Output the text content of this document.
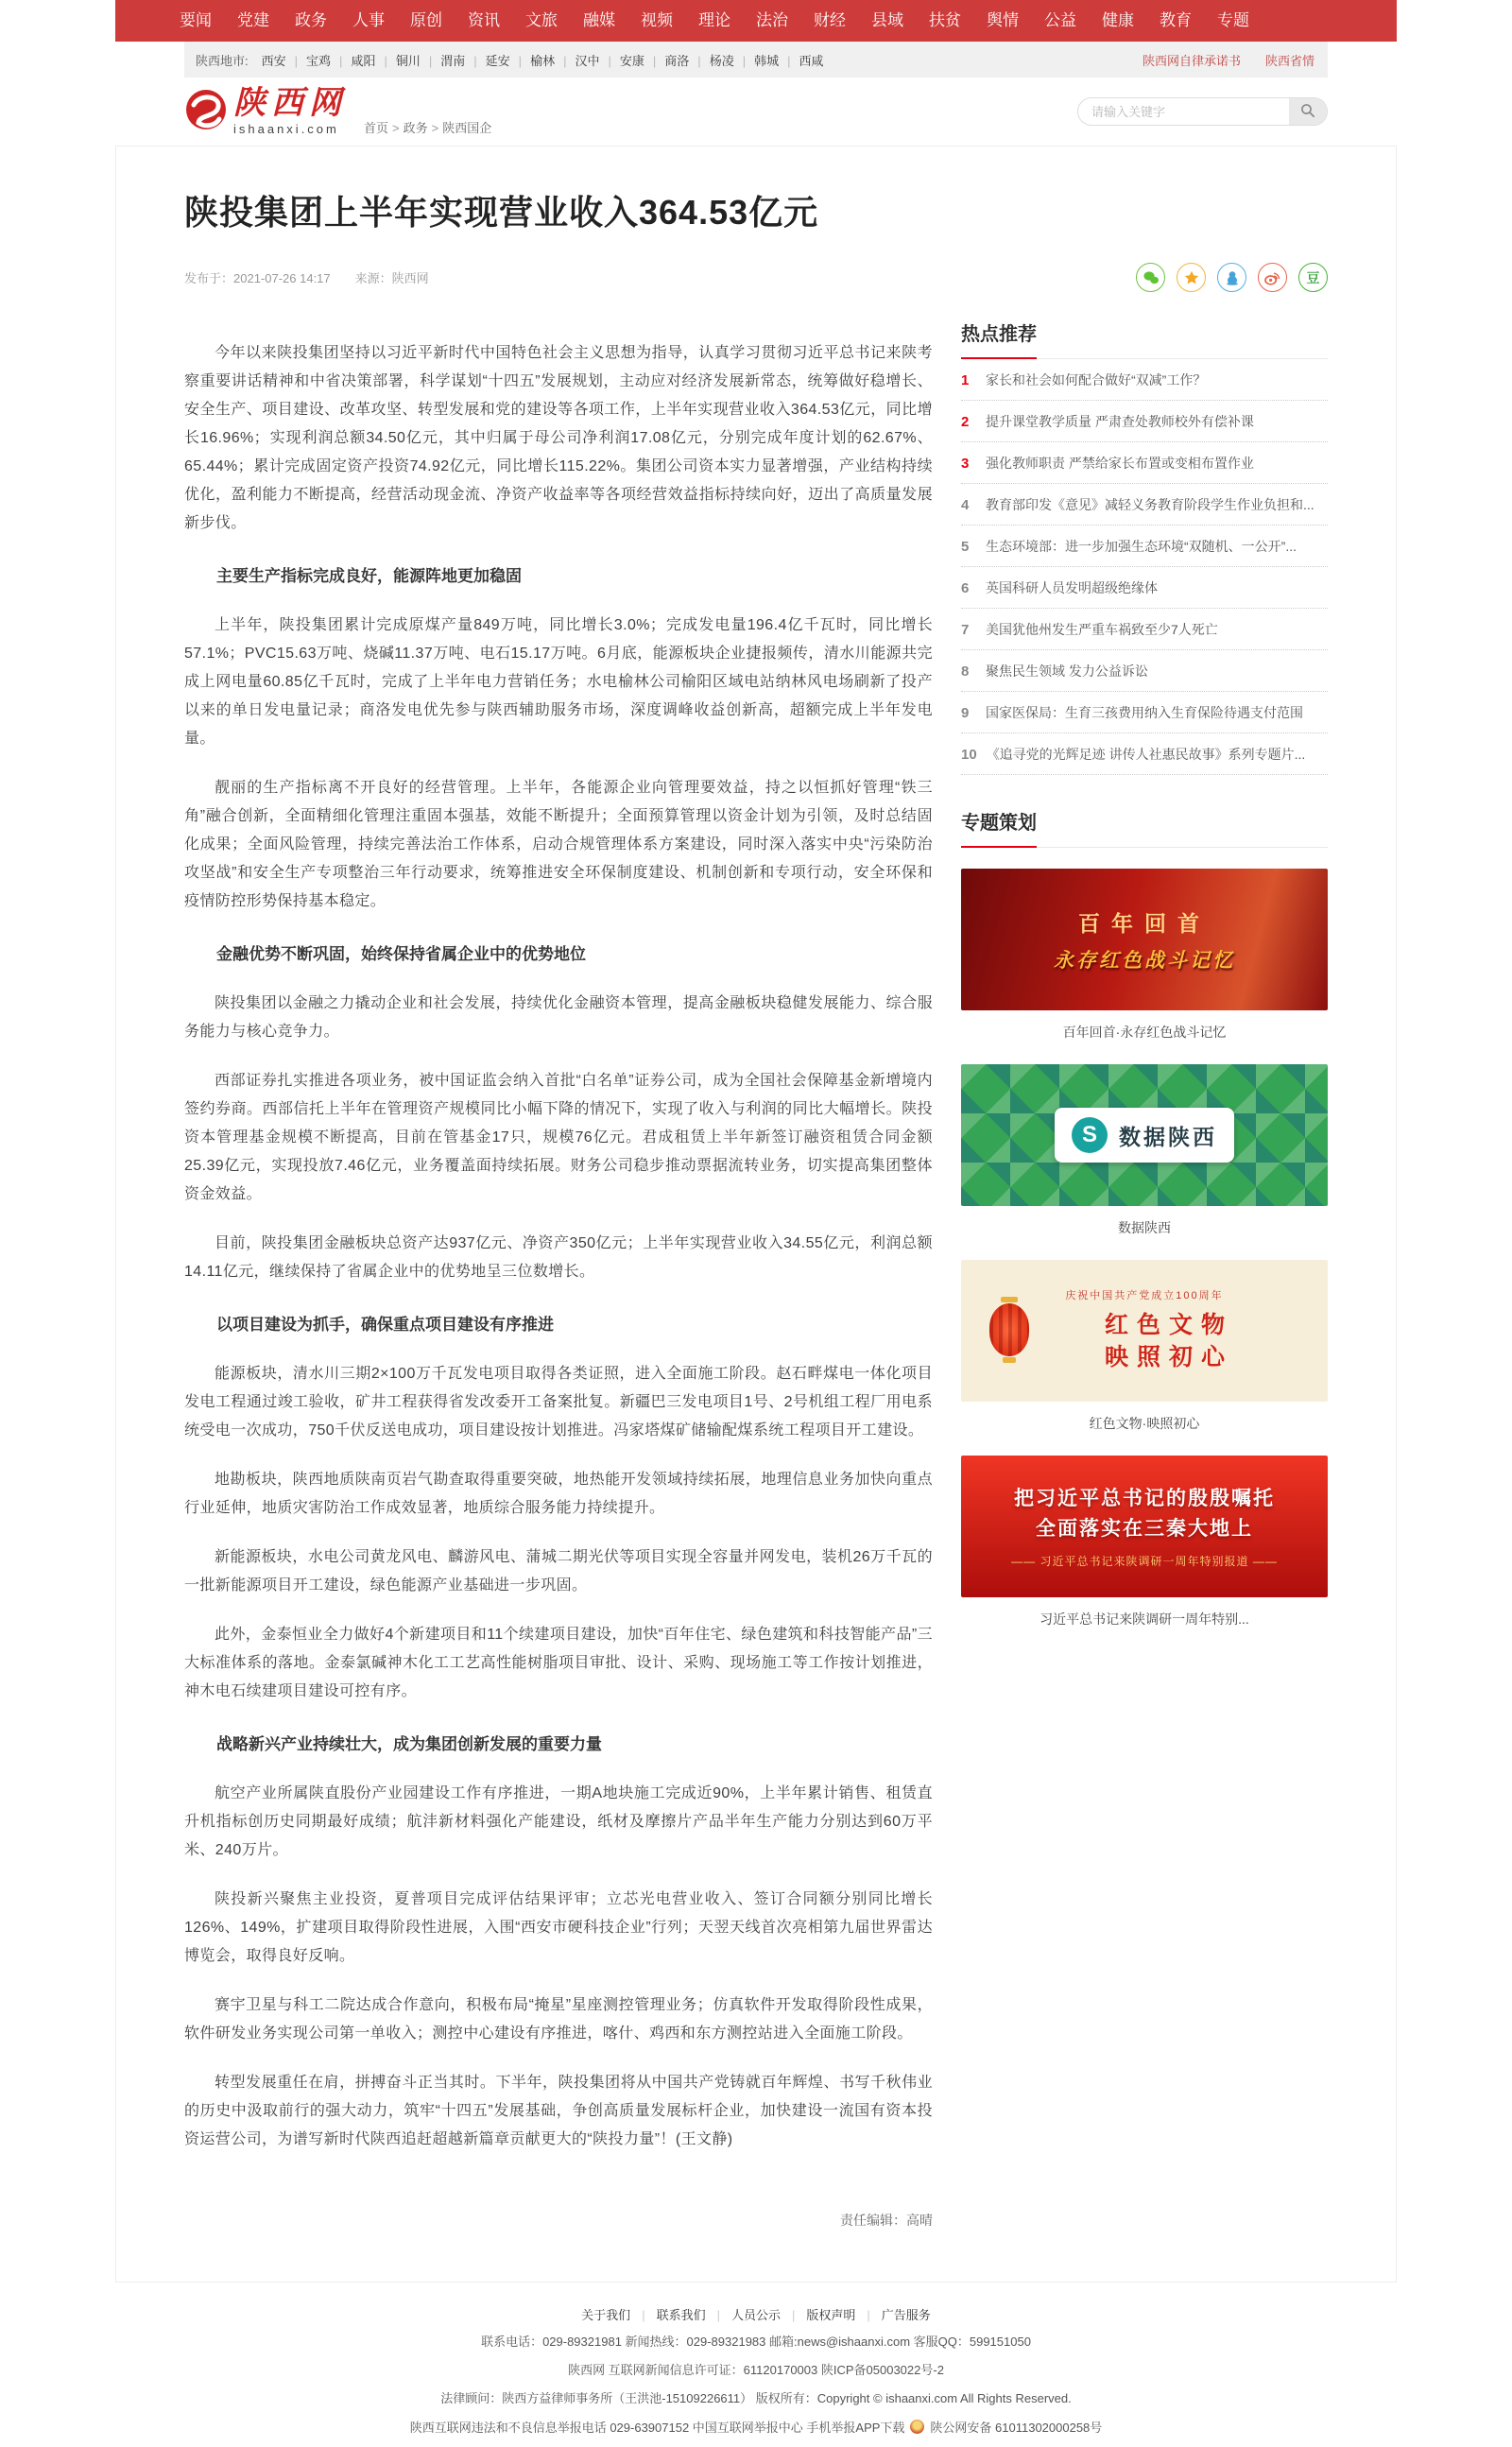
要闻	党建	政务	人事	原创	资讯	文旅	融媒	视频	理论	法治	财经	县域	扶贫	舆情	公益	健康	教育	专题
陕西地市:	西安 | 宝鸡 | 咸阳 | 铜川 | 渭南 | 延安 | 榆林 | 汉中 | 安康 | 商洛 | 杨凌 | 韩城 | 西咸	陕西网自律承诺书 陕西省情
陕西网
ishaanxi.com	首页 > 政务 > 陕西国企
请输入关键字
陕投集团上半年实现营业收入364.53亿元
发布于：2021-07-26 14:17 来源：陕西网	豆

今年以来陕投集团坚持以习近平新时代中国特色社会主义思想为指导，认真学习贯彻习近平总书记来陕考察重要讲话精神和中省决策部署，科学谋划“十四五”发展规划，主动应对经济发展新常态，统筹做好稳增长、安全生产、项目建设、改革攻坚、转型发展和党的建设等各项工作，上半年实现营业收入364.53亿元，同比增长16.96%；实现利润总额34.50亿元，其中归属于母公司净利润17.08亿元，分别完成年度计划的62.67%、65.44%；累计完成固定资产投资74.92亿元，同比增长115.22%。集团公司资本实力显著增强，产业结构持续优化，盈利能力不断提高，经营活动现金流、净资产收益率等各项经营效益指标持续向好，迈出了高质量发展新步伐。

主要生产指标完成良好，能源阵地更加稳固

上半年，陕投集团累计完成原煤产量849万吨，同比增长3.0%；完成发电量196.4亿千瓦时，同比增长57.1%；PVC15.63万吨、烧碱11.37万吨、电石15.17万吨。6月底，能源板块企业捷报频传，清水川能源共完成上网电量60.85亿千瓦时，完成了上半年电力营销任务；水电榆林公司榆阳区域电站纳林风电场刷新了投产以来的单日发电量记录；商洛发电优先参与陕西辅助服务市场，深度调峰收益创新高，超额完成上半年发电量。

靓丽的生产指标离不开良好的经营管理。上半年，各能源企业向管理要效益，持之以恒抓好管理“铁三角”融合创新，全面精细化管理注重固本强基，效能不断提升；全面预算管理以资金计划为引领，及时总结固化成果；全面风险管理，持续完善法治工作体系，启动合规管理体系方案建设，同时深入落实中央“污染防治攻坚战”和安全生产专项整治三年行动要求，统筹推进安全环保制度建设、机制创新和专项行动，安全环保和疫情防控形势保持基本稳定。

金融优势不断巩固，始终保持省属企业中的优势地位

陕投集团以金融之力撬动企业和社会发展，持续优化金融资本管理，提高金融板块稳健发展能力、综合服务能力与核心竞争力。

西部证券扎实推进各项业务，被中国证监会纳入首批“白名单”证券公司，成为全国社会保障基金新增境内签约券商。西部信托上半年在管理资产规模同比小幅下降的情况下，实现了收入与利润的同比大幅增长。陕投资本管理基金规模不断提高，目前在管基金17只，规模76亿元。君成租赁上半年新签订融资租赁合同金额25.39亿元，实现投放7.46亿元，业务覆盖面持续拓展。财务公司稳步推动票据流转业务，切实提高集团整体资金效益。

目前，陕投集团金融板块总资产达937亿元、净资产350亿元；上半年实现营业收入34.55亿元，利润总额14.11亿元，继续保持了省属企业中的优势地呈三位数增长。

以项目建设为抓手，确保重点项目建设有序推进

能源板块，清水川三期2×100万千瓦发电项目取得各类证照，进入全面施工阶段。赵石畔煤电一体化项目发电工程通过竣工验收，矿井工程获得省发改委开工备案批复。新疆巴三发电项目1号、2号机组工程厂用电系统受电一次成功，750千伏反送电成功，项目建设按计划推进。冯家塔煤矿储输配煤系统工程项目开工建设。

地勘板块，陕西地质陕南页岩气勘查取得重要突破，地热能开发领域持续拓展，地理信息业务加快向重点行业延伸，地质灾害防治工作成效显著，地质综合服务能力持续提升。

新能源板块，水电公司黄龙风电、麟游风电、蒲城二期光伏等项目实现全容量并网发电，装机26万千瓦的一批新能源项目开工建设，绿色能源产业基础进一步巩固。

此外，金泰恒业全力做好4个新建项目和11个续建项目建设，加快“百年住宅、绿色建筑和科技智能产品”三大标准体系的落地。金泰氯碱神木化工工艺高性能树脂项目审批、设计、采购、现场施工等工作按计划推进，神木电石续建项目建设可控有序。

战略新兴产业持续壮大，成为集团创新发展的重要力量

航空产业所属陕直股份产业园建设工作有序推进，一期A地块施工完成近90%，上半年累计销售、租赁直升机指标创历史同期最好成绩；航沣新材料强化产能建设，纸材及摩擦片产品半年生产能力分别达到60万平米、240万片。

陕投新兴聚焦主业投资，夏普项目完成评估结果评审；立芯光电营业收入、签订合同额分别同比增长126%、149%，扩建项目取得阶段性进展，入围“西安市硬科技企业”行列；天翌天线首次亮相第九届世界雷达博览会，取得良好反响。

赛宇卫星与科工二院达成合作意向，积极布局“掩星”星座测控管理业务；仿真软件开发取得阶段性成果，软件研发业务实现公司第一单收入；测控中心建设有序推进，喀什、鸡西和东方测控站进入全面施工阶段。

转型发展重任在肩，拼搏奋斗正当其时。下半年，陕投集团将从中国共产党铸就百年辉煌、书写千秋伟业的历史中汲取前行的强大动力，筑牢“十四五”发展基础，争创高质量发展标杆企业，加快建设一流国有资本投资运营公司，为谱写新时代陕西追赶超越新篇章贡献更大的“陕投力量”！(王文静)

责任编辑：高晴
热点推荐
1	家长和社会如何配合做好“双减”工作？
2	提升课堂教学质量 严肃查处教师校外有偿补课
3	强化教师职责 严禁给家长布置或变相布置作业
4	教育部印发《意见》减轻义务教育阶段学生作业负担和...
5	生态环境部：进一步加强生态环境“双随机、一公开”...
6	英国科研人员发明超级绝缘体
7	美国犹他州发生严重车祸致至少7人死亡
8	聚焦民生领域 发力公益诉讼
9	国家医保局：生育三孩费用纳入生育保险待遇支付范围
10 《追寻党的光辉足迹 讲传人社惠民故事》系列专题片...
专题策划
百年回首
永存红色战斗记忆
百年回首·永存红色战斗记忆
S	数据陕西
数据陕西
庆祝中国共产党成立100周年
红色文物
映照初心
红色文物·映照初心
把习近平总书记的殷殷嘱托
全面落实在三秦大地上
—— 习近平总书记来陕调研一周年特别报道 ——
习近平总书记来陕调研一周年特别...
关于我们 | 联系我们 | 人员公示 | 版权声明 | 广告服务
联系电话：029-89321981 新闻热线：029-89321983 邮箱:news@ishaanxi.com 客服QQ：599151050
陕西网 互联网新闻信息许可证：61120170003 陕ICP备05003022号-2
法律顾问：陕西方益律师事务所（王洪池-15109226611） 版权所有：Copyright © ishaanxi.com All Rights Reserved.
陕西互联网违法和不良信息举报电话 029-63907152 中国互联网举报中心 手机举报APP下载 陕公网安备 61011302000258号
